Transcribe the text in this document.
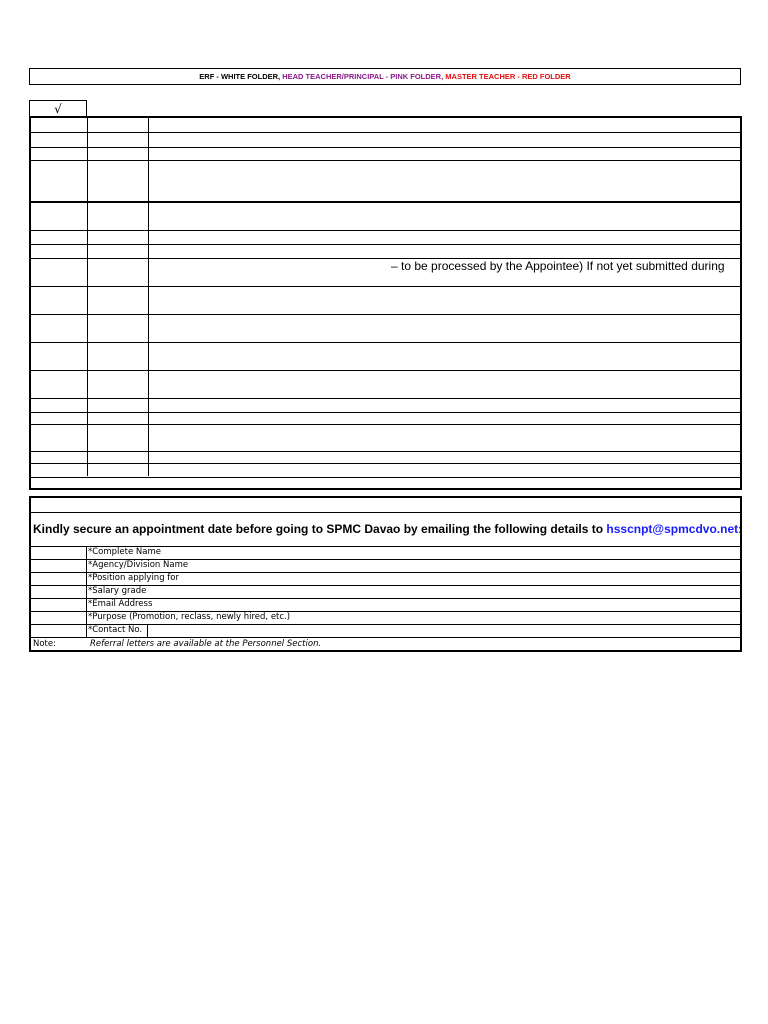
ERF - WHITE FOLDER, HEAD TEACHER/PRINCIPAL - PINK FOLDER, MASTER TEACHER - RED FOLDER
√
– to be processed by the Appointee) If not yet submitted during
Kindly secure an appointment date before going to SPMC Davao by emailing the following details to hsscnpt@spmcdvo.net:
*Complete Name
*Agency/Division Name
*Position applying for
*Salary grade
*Email Address
*Purpose (Promotion, reclass, newly hired, etc.)
*Contact No.
Note:	Referral letters are available at the Personnel Section.
